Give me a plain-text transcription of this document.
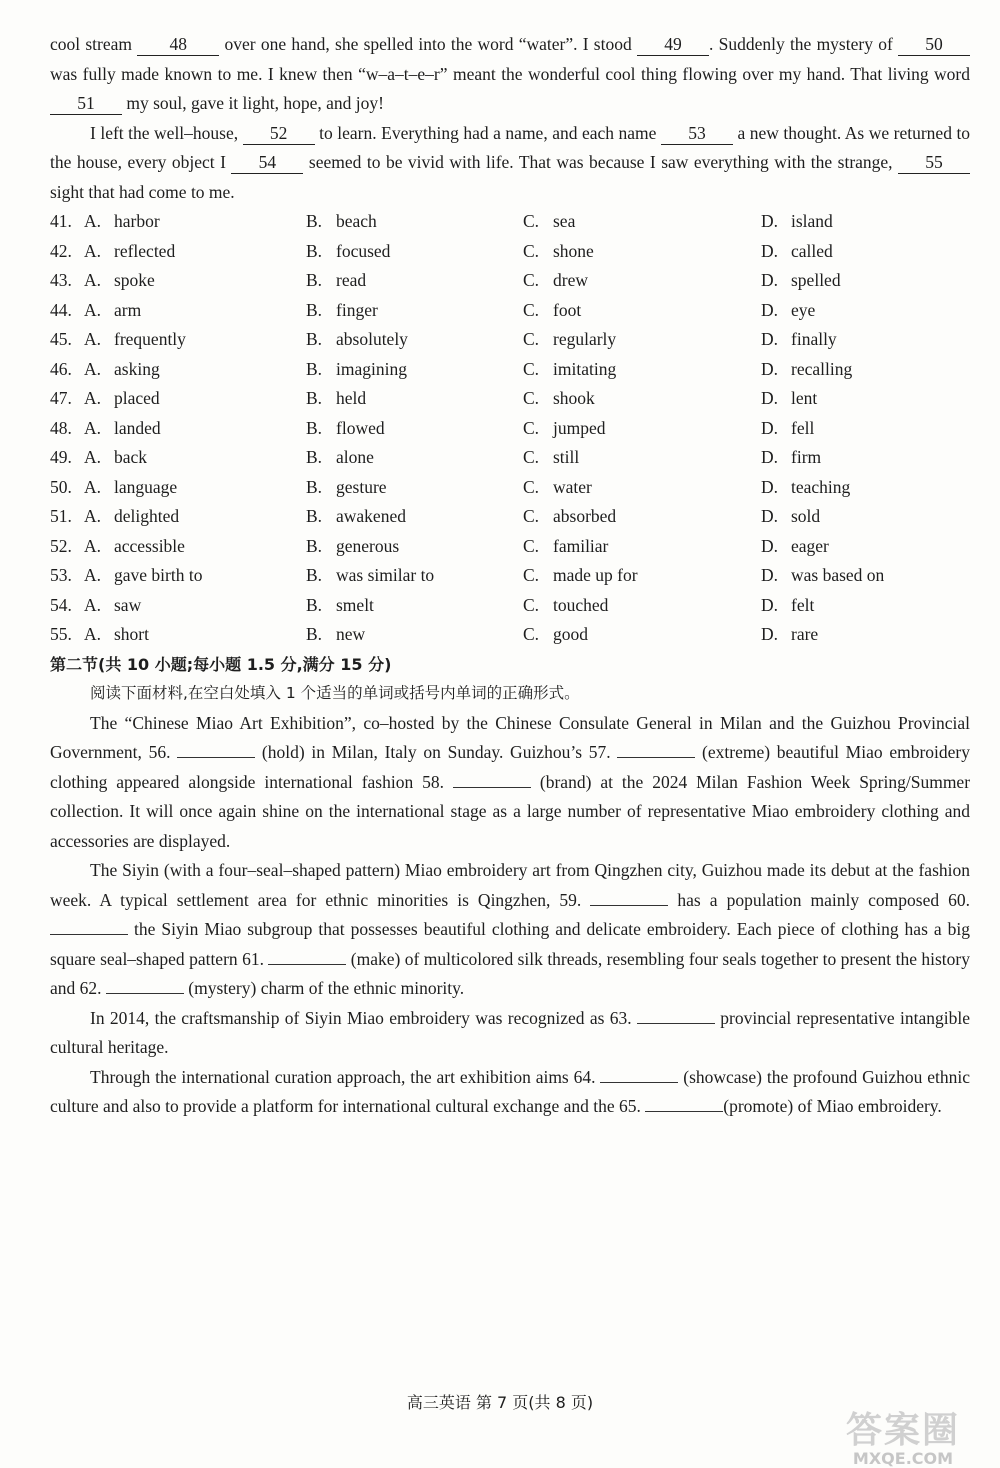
cool stream 48 over one hand, she spelled into the word “water”. I stood 49 . Suddenly the mystery of 50 was fully made known to me. I knew then “w–a–t–e–r” meant the wonderful cool thing flowing over my hand. That living word 51 my soul, gave it light, hope, and joy!

I left the well–house, 52 to learn. Everything had a name, and each name 53 a new thought. As we returned to the house, every object I 54 seemed to be vivid with life. That was because I saw everything with the strange, 55 sight that had come to me.

41. A. harbor	B. beach	C. sea	D. island
42. A. reflected	B. focused	C. shone	D. called
43. A. spoke	B. read	C. drew	D. spelled
44. A. arm	B. finger	C. foot	D. eye
45. A. frequently	B. absolutely	C. regularly	D. finally
46. A. asking	B. imagining	C. imitating	D. recalling
47. A. placed	B. held	C. shook	D. lent
48. A. landed	B. flowed	C. jumped	D. fell
49. A. back	B. alone	C. still	D. firm
50. A. language	B. gesture	C. water	D. teaching
51. A. delighted	B. awakened	C. absorbed	D. sold
52. A. accessible	B. generous	C. familiar	D. eager
53. A. gave birth to	B. was similar to	C. made up for	D. was based on
54. A. saw	B. smelt	C. touched	D. felt
55. A. short	B. new	C. good	D. rare

第二节(共 10 小题;每小题 1.5 分,满分 15 分)

阅读下面材料,在空白处填入 1 个适当的单词或括号内单词的正确形式。

The “Chinese Miao Art Exhibition”, co–hosted by the Chinese Consulate General in Milan and the Guizhou Provincial Government, 56.	(hold) in Milan, Italy on Sunday. Guizhou’s 57.	(extreme) beautiful Miao embroidery clothing appeared alongside international fashion 58.	(brand) at the 2024 Milan Fashion Week Spring/Summer collection. It will once again shine on the international stage as a large number of representative Miao embroidery clothing and accessories are displayed.

The Siyin (with a four–seal–shaped pattern) Miao embroidery art from Qingzhen city, Guizhou made its debut at the fashion week. A typical settlement area for ethnic minorities is Qingzhen, 59.	has a population mainly composed 60.  the Siyin Miao subgroup that possesses beautiful clothing and delicate embroidery. Each piece of clothing has a big square seal–shaped pattern 61.	(make) of multicolored silk threads, resembling four seals together to present the history and 62.	(mystery) charm of the ethnic minority.

In 2014, the craftsmanship of Siyin Miao embroidery was recognized as 63.	provincial representative intangible cultural heritage.

Through the international curation approach, the art exhibition aims 64.	(showcase) the profound Guizhou ethnic culture and also to provide a platform for international cultural exchange and the 65.	(promote) of Miao embroidery.

高三英语 第 7 页(共 8 页)
答案圈
MXQE.COM
